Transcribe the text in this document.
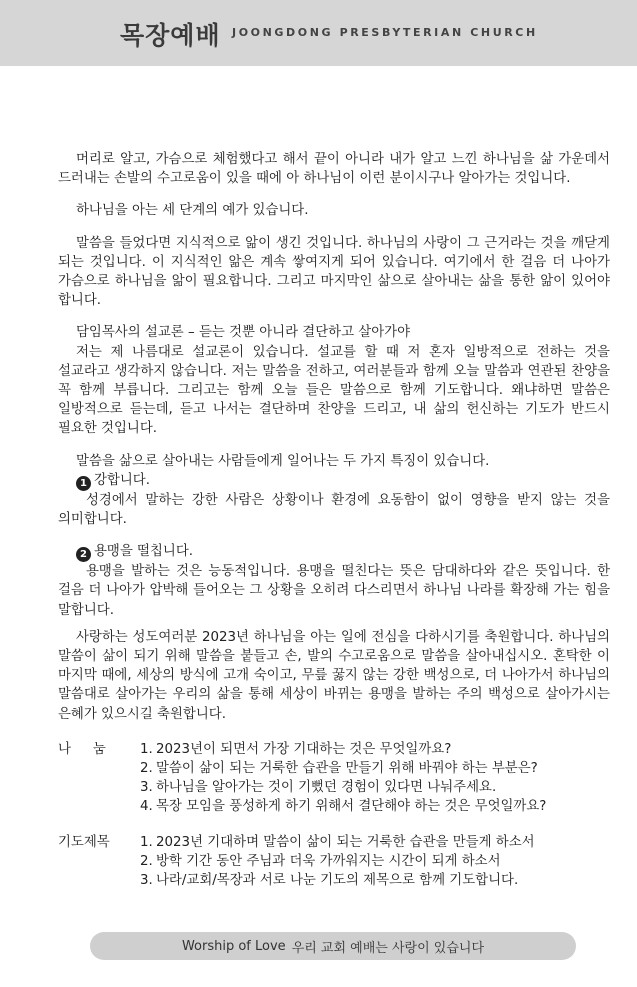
목장예배 JOONGDONG PRESBYTERIAN CHURCH

머리로 알고, 가슴으로 체험했다고 해서 끝이 아니라 내가 알고 느낀 하나님을 삶 가운데서 드러내는 손발의 수고로움이 있을 때에 아 하나님이 이런 분이시구나 알아가는 것입니다.

하나님을 아는 세 단계의 예가 있습니다.

말씀을 들었다면 지식적으로 앎이 생긴 것입니다. 하나님의 사랑이 그 근거라는 것을 깨닫게 되는 것입니다. 이 지식적인 앎은 계속 쌓여지게 되어 있습니다. 여기에서 한 걸음 더 나아가 가슴으로 하나님을 앎이 필요합니다. 그리고 마지막인 삶으로 살아내는 삶을 통한 앎이 있어야 합니다.

담임목사의 설교론 – 듣는 것뿐 아니라 결단하고 살아가야

저는 제 나름대로 설교론이 있습니다. 설교를 할 때 저 혼자 일방적으로 전하는 것을 설교라고 생각하지 않습니다. 저는 말씀을 전하고, 여러분들과 함께 오늘 말씀과 연관된 찬양을 꼭 함께 부릅니다. 그리고는 함께 오늘 들은 말씀으로 함께 기도합니다. 왜냐하면 말씀은 일방적으로 듣는데, 듣고 나서는 결단하며 찬양을 드리고, 내 삶의 헌신하는 기도가 반드시 필요한 것입니다.

말씀을 삶으로 살아내는 사람들에게 일어나는 두 가지 특징이 있습니다.

1 강합니다.

성경에서 말하는 강한 사람은 상황이나 환경에 요동함이 없이 영향을 받지 않는 것을 의미합니다.

2 용맹을 떨칩니다.

용맹을 발하는 것은 능동적입니다. 용맹을 떨친다는 뜻은 담대하다와 같은 뜻입니다. 한 걸음 더 나아가 압박해 들어오는 그 상황을 오히려 다스리면서 하나님 나라를 확장해 가는 힘을 말합니다.

사랑하는 성도여러분 2023년 하나님을 아는 일에 전심을 다하시기를 축원합니다. 하나님의 말씀이 삶이 되기 위해 말씀을 붙들고 손, 발의 수고로움으로 말씀을 살아내십시오. 혼탁한 이 마지막 때에, 세상의 방식에 고개 숙이고, 무릎 꿇지 않는 강한 백성으로, 더 나아가서 하나님의 말씀대로 살아가는 우리의 삶을 통해 세상이 바뀌는 용맹을 발하는 주의 백성으로 살아가시는 은혜가 있으시길 축원합니다.

나눔 1. 2023년이 되면서 가장 기대하는 것은 무엇일까요?
2. 말씀이 삶이 되는 거룩한 습관을 만들기 위해 바꿔야 하는 부분은?
3. 하나님을 알아가는 것이 기뻤던 경험이 있다면 나눠주세요.
4. 목장 모임을 풍성하게 하기 위해서 결단해야 하는 것은 무엇일까요?
기도제목	1. 2023년 기대하며 말씀이 삶이 되는 거룩한 습관을 만들게 하소서
2. 방학 기간 동안 주님과 더욱 가까워지는 시간이 되게 하소서
3. 나라/교회/목장과 서로 나눈 기도의 제목으로 함께 기도합니다.
Worship of Love 우리 교회 예배는 사랑이 있습니다
